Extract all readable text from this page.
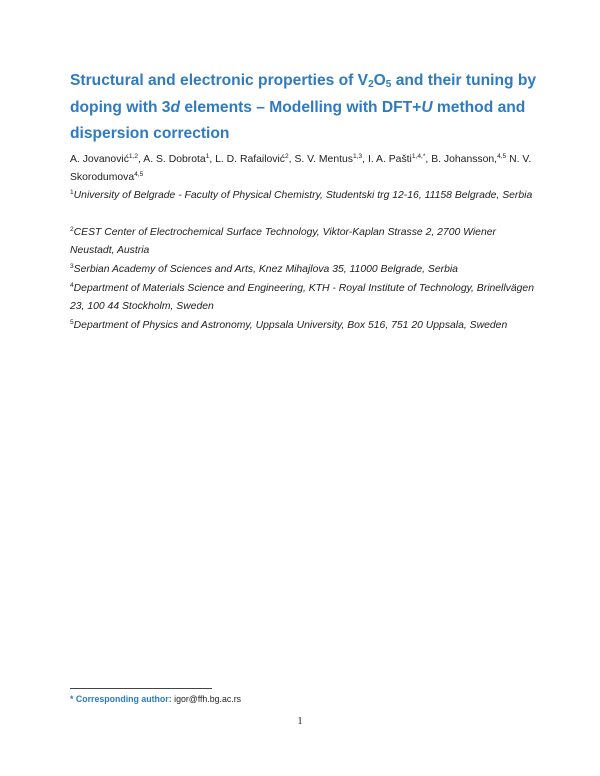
Structural and electronic properties of $V_2O_5$ and their tuning by doping with 3d elements – Modelling with DFT+U method and dispersion correction
A. Jovanović$^{1,2}$, A. S. Dobrota$^1$, L. D. Rafailović$^2$, S. V. Mentus$^{1,3}$, I. A. Pašti$^{1,4,*}$, B. Johansson,$^{4,5}$ N. V. Skorodumova$^{4,5}$
$^1$University of Belgrade - Faculty of Physical Chemistry, Studentski trg 12-16, 11158 Belgrade, Serbia
$^2$CEST Center of Electrochemical Surface Technology, Viktor-Kaplan Strasse 2, 2700 Wiener Neustadt, Austria
$^3$Serbian Academy of Sciences and Arts, Knez Mihajlova 35, 11000 Belgrade, Serbia
$^4$Department of Materials Science and Engineering, KTH - Royal Institute of Technology, Brinellvägen 23, 100 44 Stockholm, Sweden
$^5$Department of Physics and Astronomy, Uppsala University, Box 516, 751 20 Uppsala, Sweden
* Corresponding author: igor@ffh.bg.ac.rs
1
